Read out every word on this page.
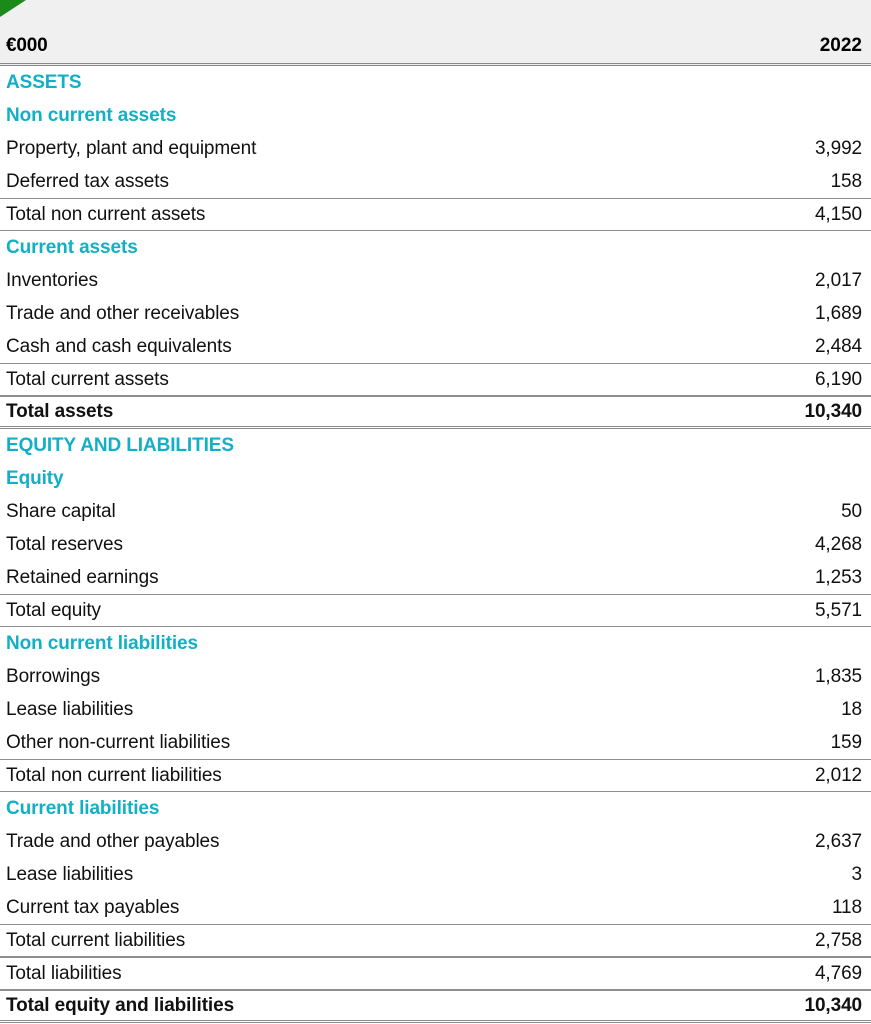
€000	2022
ASSETS
Non current assets
Property, plant and equipment	3,992
Deferred tax assets	158
Total non current assets	4,150
Current assets
Inventories	2,017
Trade and other receivables	1,689
Cash and cash equivalents	2,484
Total current assets	6,190
Total assets	10,340
EQUITY AND LIABILITIES
Equity
Share capital	50
Total reserves	4,268
Retained earnings	1,253
Total equity	5,571
Non current liabilities
Borrowings	1,835
Lease liabilities	18
Other non-current liabilities	159
Total non current liabilities	2,012
Current liabilities
Trade and other payables	2,637
Lease liabilities	3
Current tax payables	118
Total current liabilities	2,758
Total liabilities	4,769
Total equity and liabilities	10,340
